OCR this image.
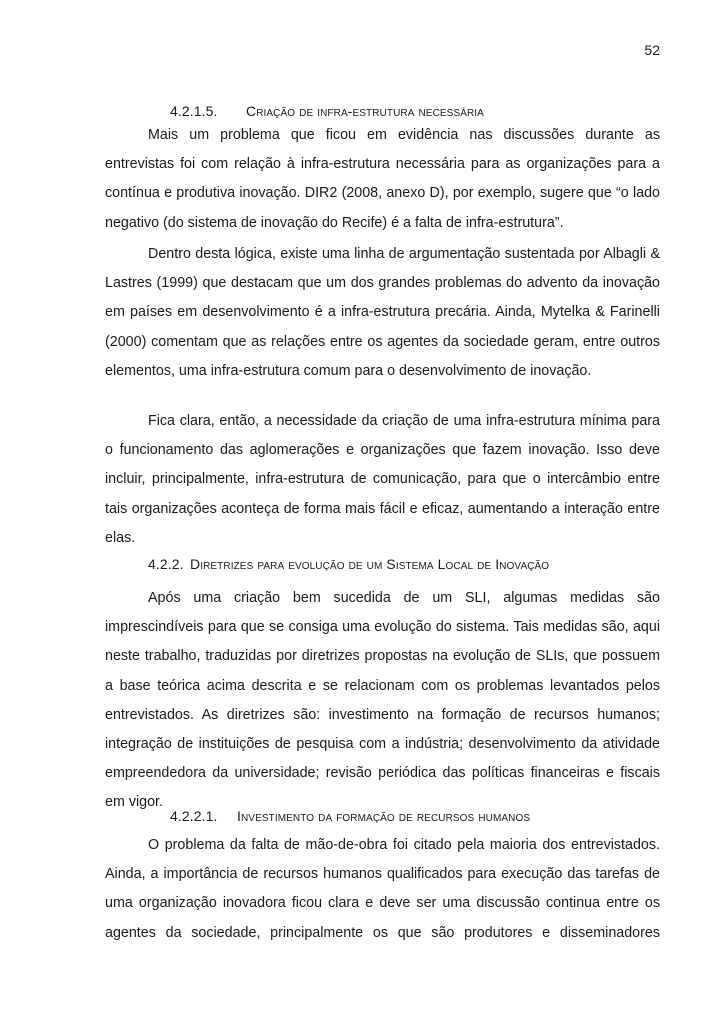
52
4.2.1.5. Criação de infra-estrutura necessária

Mais um problema que ficou em evidência nas discussões durante as entrevistas foi com relação à infra-estrutura necessária para as organizações para a contínua e produtiva inovação. DIR2 (2008, anexo D), por exemplo, sugere que “o lado negativo (do sistema de inovação do Recife) é a falta de infra-estrutura”.

Dentro desta lógica, existe uma linha de argumentação sustentada por Albagli & Lastres (1999) que destacam que um dos grandes problemas do advento da inovação em países em desenvolvimento é a infra-estrutura precária. Ainda, Mytelka & Farinelli (2000) comentam que as relações entre os agentes da sociedade geram, entre outros elementos, uma infra-estrutura comum para o desenvolvimento de inovação.

Fica clara, então, a necessidade da criação de uma infra-estrutura mínima para o funcionamento das aglomerações e organizações que fazem inovação. Isso deve incluir, principalmente, infra-estrutura de comunicação, para que o intercâmbio entre tais organizações aconteça de forma mais fácil e eficaz, aumentando a interação entre elas.

4.2.2. Diretrizes para evolução de um Sistema Local de Inovação

Após uma criação bem sucedida de um SLI, algumas medidas são imprescindíveis para que se consiga uma evolução do sistema. Tais medidas são, aqui neste trabalho, traduzidas por diretrizes propostas na evolução de SLIs, que possuem a base teórica acima descrita e se relacionam com os problemas levantados pelos entrevistados. As diretrizes são: investimento na formação de recursos humanos; integração de instituições de pesquisa com a indústria; desenvolvimento da atividade empreendedora da universidade; revisão periódica das políticas financeiras e fiscais em vigor.

4.2.2.1. Investimento da formação de recursos humanos

O problema da falta de mão-de-obra foi citado pela maioria dos entrevistados. Ainda, a importância de recursos humanos qualificados para execução das tarefas de uma organização inovadora ficou clara e deve ser uma discussão continua entre os agentes da sociedade, principalmente os que são produtores e disseminadores
